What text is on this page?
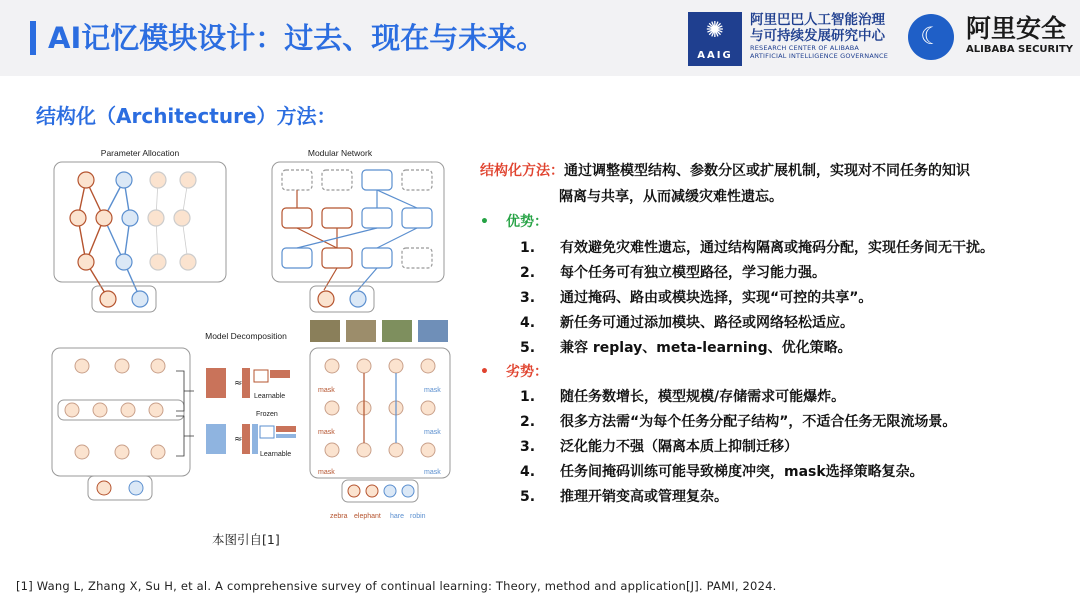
AI记忆模块设计：过去、现在与未来。	✺
AAIG
阿里巴巴人工智能治理
与可持续发展研究中心
RESEARCH CENTER OF ALIBABA
ARTIFICIAL INTELLIGENCE GOVERNANCE
☾ 阿里安全
ALIBABA SECURITY
结构化（Architecture）方法：
Parameter Allocation	Modular Network
Model Decomposition
≈
Learnable
Frozen
≈
Learnable
mask	mask
mask	mask
mask	mask
zebra elephant hare robin
本图引自[1]
结构化方法：通过调整模型结构、参数分区或扩展机制，实现对不同任务的知识
隔离与共享，从而减缓灾难性遗忘。
• 优势：
1. 有效避免灾难性遗忘，通过结构隔离或掩码分配，实现任务间无干扰。
2. 每个任务可有独立模型路径，学习能力强。
3. 通过掩码、路由或模块选择，实现“可控的共享”。
4. 新任务可通过添加模块、路径或网络轻松适应。
5. 兼容 replay、meta-learning、优化策略。
• 劣势：
1. 随任务数增长，模型规模/存储需求可能爆炸。
2. 很多方法需“为每个任务分配子结构”，不适合任务无限流场景。
3. 泛化能力不强（隔离本质上抑制迁移）
4. 任务间掩码训练可能导致梯度冲突，mask选择策略复杂。
5. 推理开销变高或管理复杂。
[1] Wang L, Zhang X, Su H, et al. A comprehensive survey of continual learning: Theory, method and application[J]. PAMI, 2024.
